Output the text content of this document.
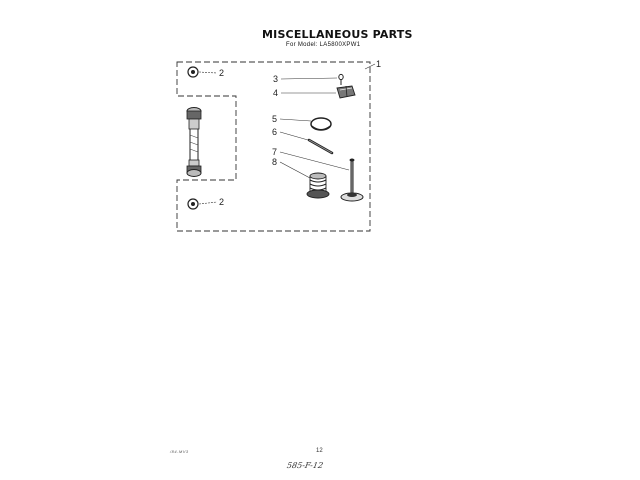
MISCELLANEOUS PARTS
For Model: LA5800XPW1
1
2
2
3
4
5
6
7
8
/84-MV3	12
585-F-12
